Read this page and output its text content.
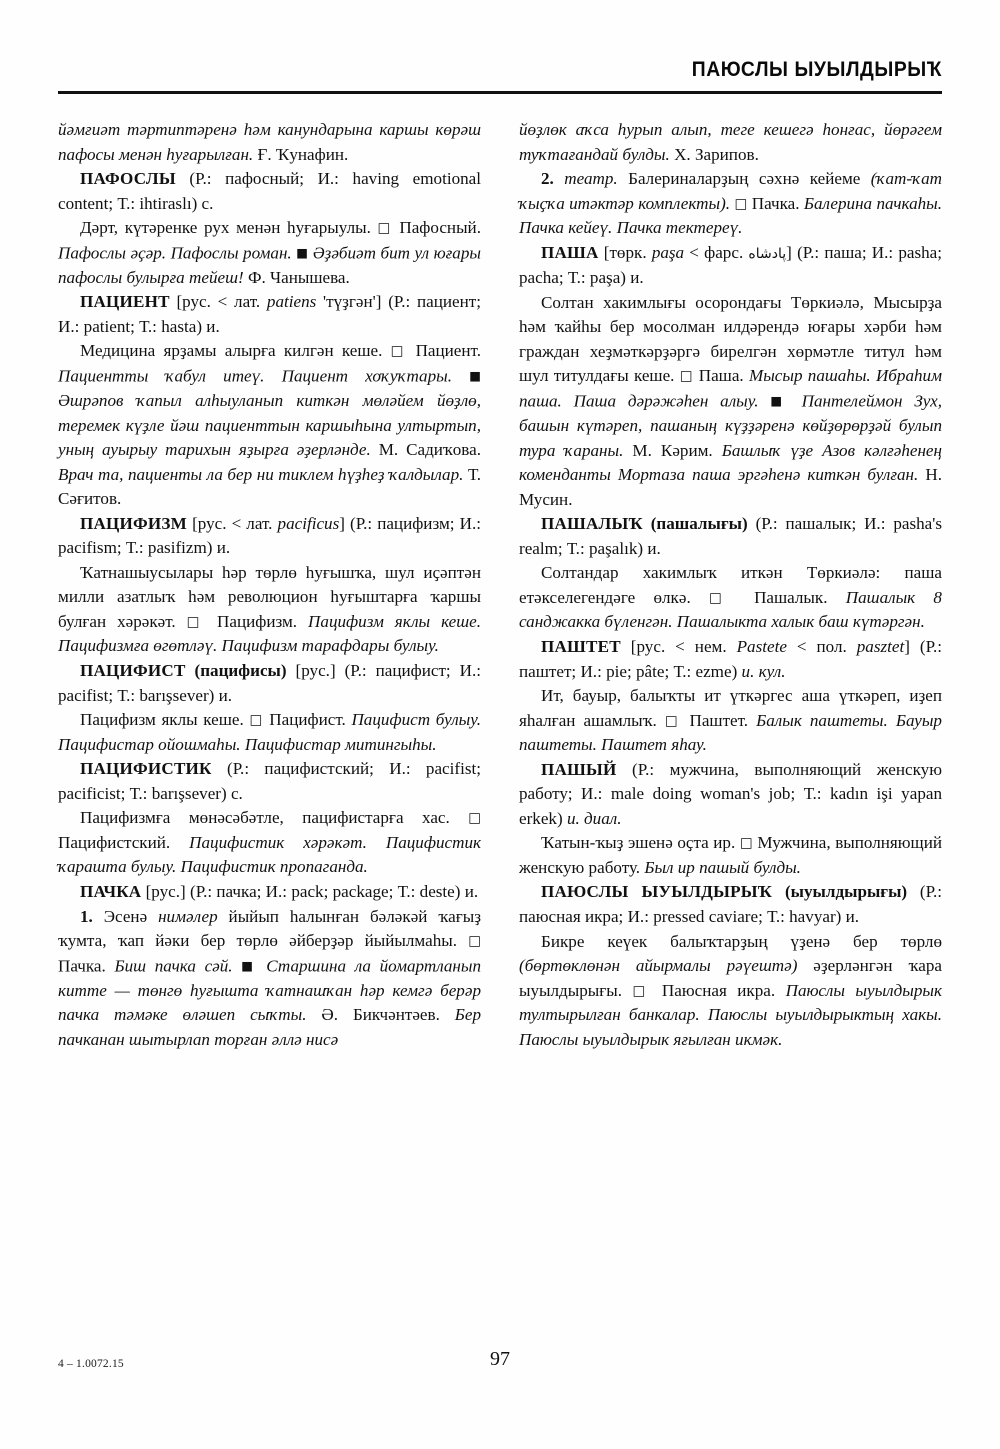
ПАЮСЛЫ ЫУЫЛДЫРЫҠ

йәмғиәт тәртиптәренә һәм канундарына каршы көрәш пафосы менән һуғарылған. Ғ. Ҡунафин.

ПАФОСЛЫ (Р.: пафосный; И.: having emotional content; Т.: ihtiraslı) с.

Дәрт, күтәренке рух менән һуғарыулы. □ Пафосный. Пафослы әҫәр. Пафослы роман. ■ Әҙәбиәт бит ул юғары пафослы булырға тейеш! Ф. Чанышева.

ПАЦИЕНТ [рус. < лат. patiens 'түҙгән'] (Р.: пациент; И.: patient; Т.: hasta) и.

Медицина ярҙамы алырға килгән кеше. □ Пациент. Пациентты ҡабул итеү. Пациент хоҡуҡтары. ■ Әшрәпов ҡапыл алһыуланып киткән мөләйем йөҙлө, теремек күҙле йәш пациенттын каршыһына ултыртып, уның ауырыу тарихын яҙырға әҙерләнде. М. Садиҡова. Врач та, пациенты ла бер ни тиклем һүҙһеҙ ҡалдылар. Т. Сәғитов.

ПАЦИФИЗМ [рус. < лат. pacificus] (Р.: пацифизм; И.: pacifism; Т.: pasifizm) и.

Ҡатнашыусылары һәр төрлө һуғышҡа, шул иҫәптән милли азатлыҡ һәм революцион һуғыштарға ҡаршы булған хәрәкәт. □ Пацифизм. Пацифизм яклы кеше. Пацифизмға өгөтләү. Пацифизм тарафдары булыу.

ПАЦИФИСТ (пацифисы) [рус.] (Р.: пацифист; И.: pacifist; Т.: barışsever) и.

Пацифизм яклы кеше. □ Пацифист. Пацифист булыу. Пацифистар ойошмаһы. Пацифистар митингыһы.

ПАЦИФИСТИК (Р.: пацифистский; И.: pacifist; pacificist; Т.: barışsever) с.

Пацифизмға мөнәсәбәтле, пацифистарға хас. □ Пацифистский. Пацифистик хәрәкәт. Пацифистик ҡарашта булыу. Пацифистик пропаганда.

ПАЧКА [рус.] (Р.: пачка; И.: pack; package; Т.: deste) и.

1. Эсенә нимәлер йыйып һалынған бәләкәй ҡағыҙ ҡумта, ҡап йәки бер төрлө әйберҙәр йыйылмаһы. □ Пачка. Биш пачка сәй. ■ Старшина ла йомартланып китте — төнгө һуғышта ҡатнашҡан һәр кемгә берәр пачка тәмәке өләшеп сыҡты. Ә. Бикчәнтәев. Бер пачканан шытырлап торған әллә нисә

йөҙлөк аҡса һурып алып, теге кешегә һонғас, йөрәгем туҡтағандай булды. Х. Зарипов.

2. театр. Балериналарҙың сәхнә кейеме (ҡат-ҡат ҡыҫҡа итәктәр комплекты). □ Пачка. Балерина пачкаһы. Пачка кейеү. Пачка тектереү.

ПАША [төрк. paşa < фарс. پادشاه] (Р.: паша; И.: pasha; pacha; Т.: paşa) и.

Солтан хакимлығы осорондағы Төркиәлә, Мысырҙа һәм ҡайһы бер мосолман илдәрендә юғары хәрби һәм граждан хеҙмәткәрҙәргә бирелгән хөрмәтле титул һәм шул титулдағы кеше. □ Паша. Мысыр пашаһы. Ибраһим паша. Паша дәрәжәһен алыу. ■ Пантелеймон Зух, башын күтәреп, пашаның күҙҙәренә көйҙөрөрҙәй булып тура ҡараны. М. Кәрим. Башлыҡ үҙе Азов кәлғәһенең коменданты Мортаза паша эргәһенә киткән булған. Н. Мусин.

ПАШАЛЫҠ (пашалығы) (Р.: пашалык; И.: pasha's realm; Т.: paşalık) и.

Солтандар хакимлыҡ иткән Төркиәлә: паша етәкселегендәге өлкә. □ Пашалык. Пашалык 8 санджакка бүленгән. Пашалыкта халык баш күтәргән.

ПАШТЕТ [рус. < нем. Pastete < пол. pasztet] (Р.: паштет; И.: pie; pâte; Т.: ezme) и. кул.

Ит, бауыр, балыҡты ит үткәргес аша үткәреп, иҙеп яһалған ашамлыҡ. □ Паштет. Балык паштеты. Бауыр паштеты. Паштет яһау.

ПАШЫЙ (Р.: мужчина, выполняющий женскую работу; И.: male doing woman's job; Т.: kadın işi yapan erkek) и. диал.

Ҡатын-ҡыҙ эшенә оҫта ир. □ Мужчина, выполняющий женскую работу. Был ир пашый булды.

ПАЮСЛЫ ЫУЫЛДЫРЫҠ (ыуылдырығы) (Р.: паюсная икра; И.: pressed caviare; Т.: havyar) и.

Бикре кеүек балыҡтарҙың үҙенә бер төрлө (бөртөклөнән айырмалы рәүештә) әҙерләнгән ҡара ыуылдырығы. □ Паюсная икра. Паюслы ыуылдырык тултырылған банкалар. Паюслы ыуылдырыктың хакы. Паюслы ыуылдырык яғылған икмәк.

4 – 1.0072.15	97
